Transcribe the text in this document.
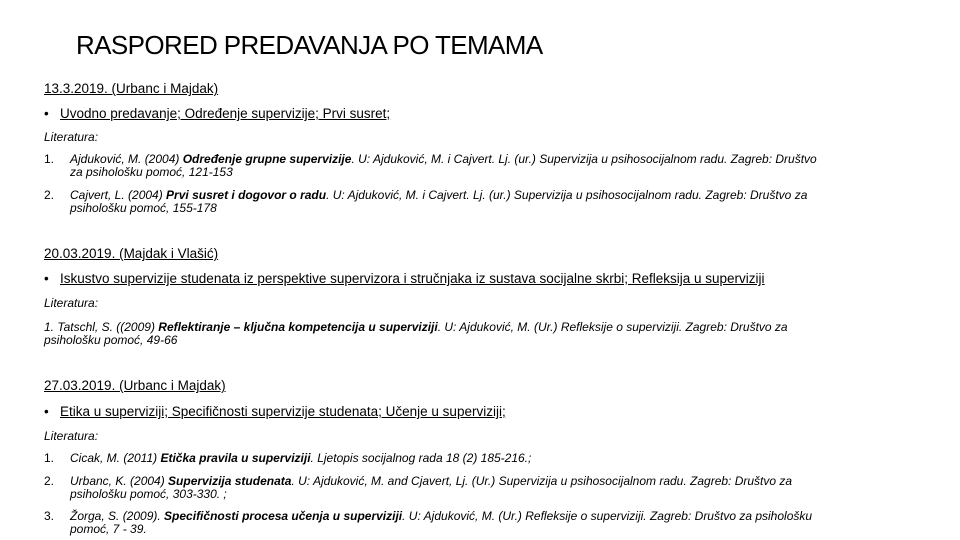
RASPORED PREDAVANJA PO TEMAMA
13.3.2019. (Urbanc i Majdak)
• Uvodno predavanje; Određenje supervizije; Prvi susret;
Literatura:
1. Ajduković, M. (2004) Određenje grupne supervizije. U: Ajduković, M. i Cajvert. Lj. (ur.) Supervizija u psihosocijalnom radu. Zagreb: Društvo
za psihološku pomoć, 121-153
2. Cajvert, L. (2004) Prvi susret i dogovor o radu. U: Ajduković, M. i Cajvert. Lj. (ur.) Supervizija u psihosocijalnom radu. Zagreb: Društvo za
psihološku pomoć, 155-178
20.03.2019. (Majdak i Vlašić)
• Iskustvo supervizije studenata iz perspektive supervizora i stručnjaka iz sustava socijalne skrbi; Refleksija u superviziji
Literatura:
1. Tatschl, S. ((2009) Reflektiranje – ključna kompetencija u superviziji. U: Ajduković, M. (Ur.) Refleksije o superviziji. Zagreb: Društvo za
psihološku pomoć, 49-66
27.03.2019. (Urbanc i Majdak)
• Etika u superviziji; Specifičnosti supervizije studenata; Učenje u superviziji;
Literatura:
1. Cicak, M. (2011) Etička pravila u superviziji. Ljetopis socijalnog rada 18 (2) 185-216.;
2. Urbanc, K. (2004) Supervizija studenata. U: Ajduković, M. and Cjavert, Lj. (Ur.) Supervizija u psihosocijalnom radu. Zagreb: Društvo za
psihološku pomoć, 303-330. ;
3. Žorga, S. (2009). Specifičnosti procesa učenja u superviziji. U: Ajduković, M. (Ur.) Refleksije o superviziji. Zagreb: Društvo za psihološku
pomoć, 7 - 39.
